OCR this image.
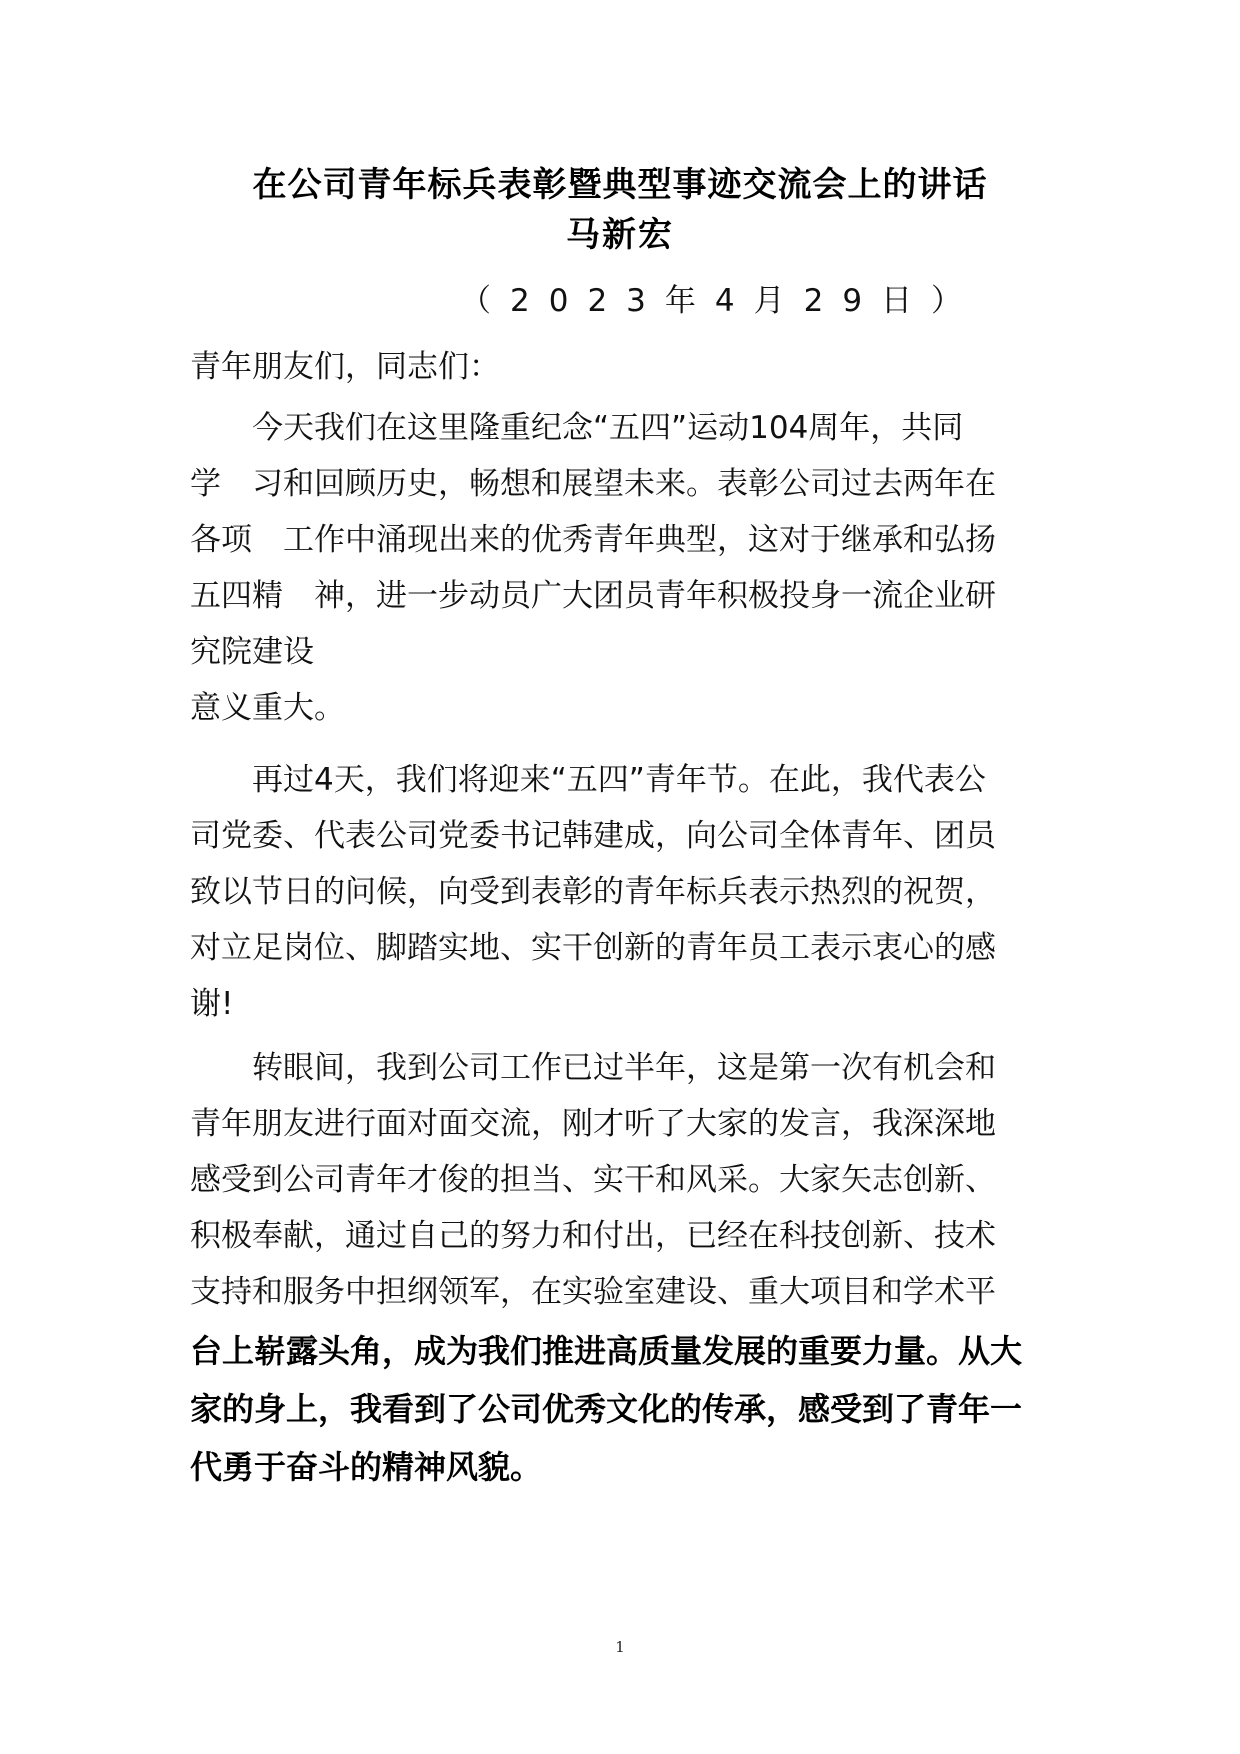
在公司青年标兵表彰暨典型事迹交流会上的讲话
马新宏
（2023年4月29日）
青年朋友们，同志们：
　　今天我们在这里隆重纪念“五四”运动104周年，共同
学　习和回顾历史，畅想和展望未来。表彰公司过去两年在
各项　工作中涌现出来的优秀青年典型，这对于继承和弘扬
五四精　神，进一步动员广大团员青年积极投身一流企业研
究院建设
意义重大。
　　再过4天，我们将迎来“五四”青年节。在此，我代表公
司党委、代表公司党委书记韩建成，向公司全体青年、团员
致以节日的问候，向受到表彰的青年标兵表示热烈的祝贺，
对立足岗位、脚踏实地、实干创新的青年员工表示衷心的感
谢!
　　转眼间，我到公司工作已过半年，这是第一次有机会和
青年朋友进行面对面交流，刚才听了大家的发言，我深深地
感受到公司青年才俊的担当、实干和风采。大家矢志创新、
积极奉献，通过自己的努力和付出，已经在科技创新、技术
支持和服务中担纲领军，在实验室建设、重大项目和学术平
台上崭露头角，成为我们推进高质量发展的重要力量。从大
家的身上，我看到了公司优秀文化的传承，感受到了青年一
代勇于奋斗的精神风貌。
1
